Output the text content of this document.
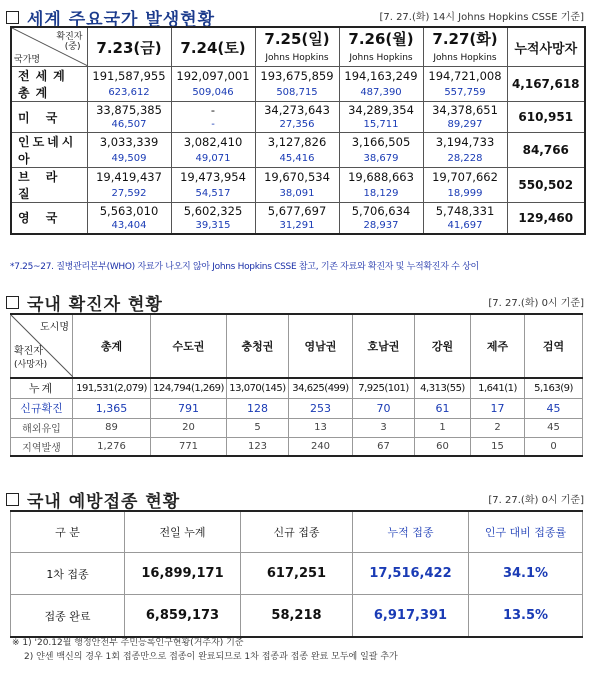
세계 주요국가 발생현황	[7. 27.(화) 14시 Johns Hopkins CSSE 기준]
확진자
(중)
국가명	7.23(금)	7.24(토)	7.25(일)	7.26(월)	7.27(화)	누적사망자
			Johns Hopkins	Johns Hopkins	Johns Hopkins	
전세계총계	191,587,955	192,097,001	193,675,859	194,163,249	194,721,008	4,167,618
	623,612	509,046	508,715	487,390	557,759	
미 국	33,875,385	-	34,273,643	34,289,354	34,378,651	610,951
	46,507	-	27,356	15,711	89,297	
인도네시아	3,033,339	3,082,410	3,127,826	3,166,505	3,194,733	84,766
	49,509	49,071	45,416	38,679	28,228	
브 라 질	19,419,437	19,473,954	19,670,534	19,688,663	19,707,662	550,502
	27,592	54,517	38,091	18,129	18,999	
영 국	5,563,010	5,602,325	5,677,697	5,706,634	5,748,331	129,460
	43,404	39,315	31,291	28,937	41,697	
*7.25~27. 질병관리본부(WHO) 자료가 나오지 않아 Johns Hopkins CSSE 참고, 기존 자료와 확진자 및 누적확진자 수 상이
국내 확진자 현황	[7. 27.(화) 0시 기준]
도시명
확진자
(사망자)	총계	수도권	충청권	영남권	호남권	강원	제주	검역
누계	191,531(2,079)	124,794(1,269)	13,070(145)	34,625(499)	7,925(101)	4,313(55)	1,641(1)	5,163(9)
신규확진	1,365	791	128	253	70	61	17	45
해외유입	89	20	5	13	3	1	2	45
지역발생	1,276	771	123	240	67	60	15	0
국내 예방접종 현황	[7. 27.(화) 0시 기준]
구 분	전일 누계	신규 접종	누적 접종	인구 대비 접종률
1차 접종	16,899,171	617,251	17,516,422	34.1%
접종 완료	6,859,173	58,218	6,917,391	13.5%
※ 1) '20.12월 행정안전부 주민등록인구현황(거주자) 기준
2) 얀센 백신의 경우 1회 접종만으로 접종이 완료되므로 1차 접종과 접종 완료 모두에 일괄 추가
